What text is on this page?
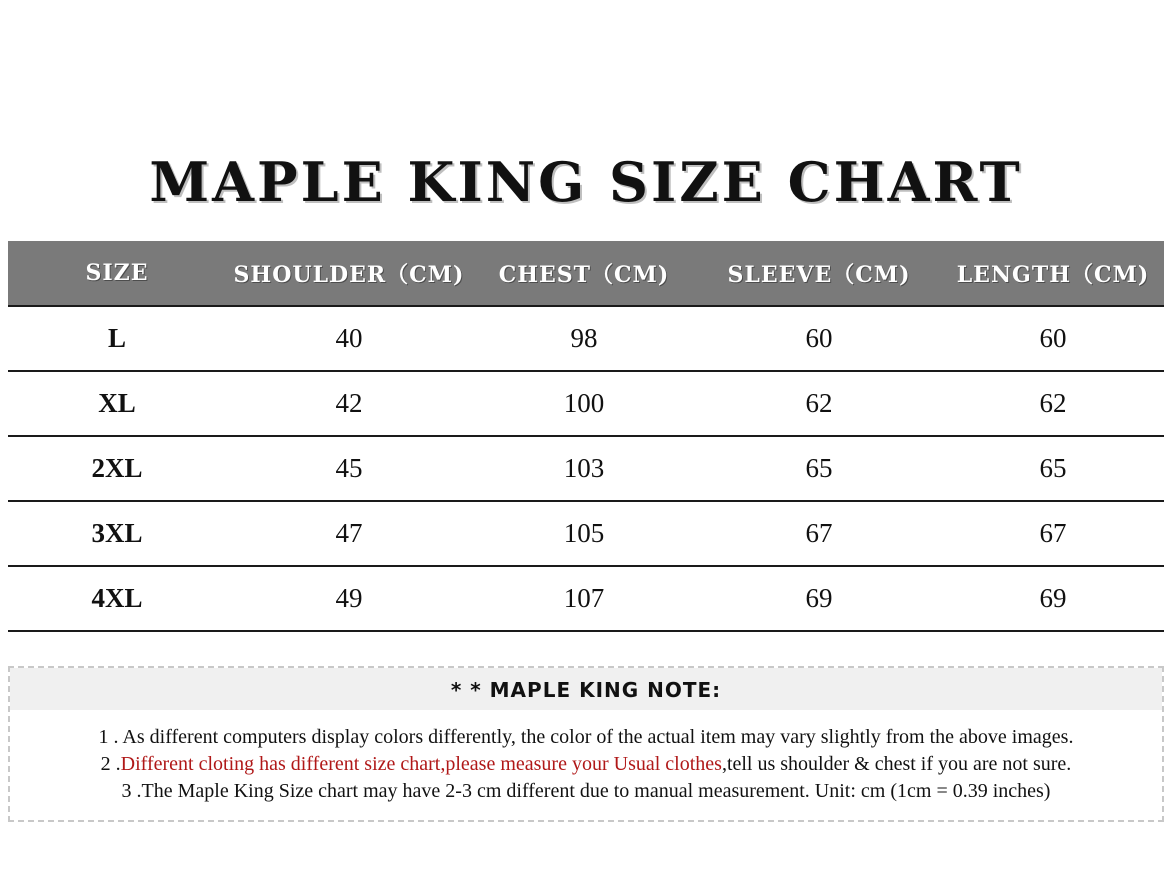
MAPLE KING SIZE CHART
SIZE	SHOULDER（CM)	CHEST（CM)	SLEEVE（CM)	LENGTH（CM)
L	40	98	60	60
XL	42	100	62	62
2XL	45	103	65	65
3XL	47	105	67	67
4XL	49	107	69	69
* * MAPLE KING NOTE:
1 . As different computers display colors differently, the color of the actual item may vary slightly from the above images.
2 .Different cloting has different size chart,please measure your Usual clothes,tell us shoulder & chest if you are not sure.
3 .The Maple King Size chart may have 2-3 cm different due to manual measurement. Unit: cm (1cm = 0.39 inches)
